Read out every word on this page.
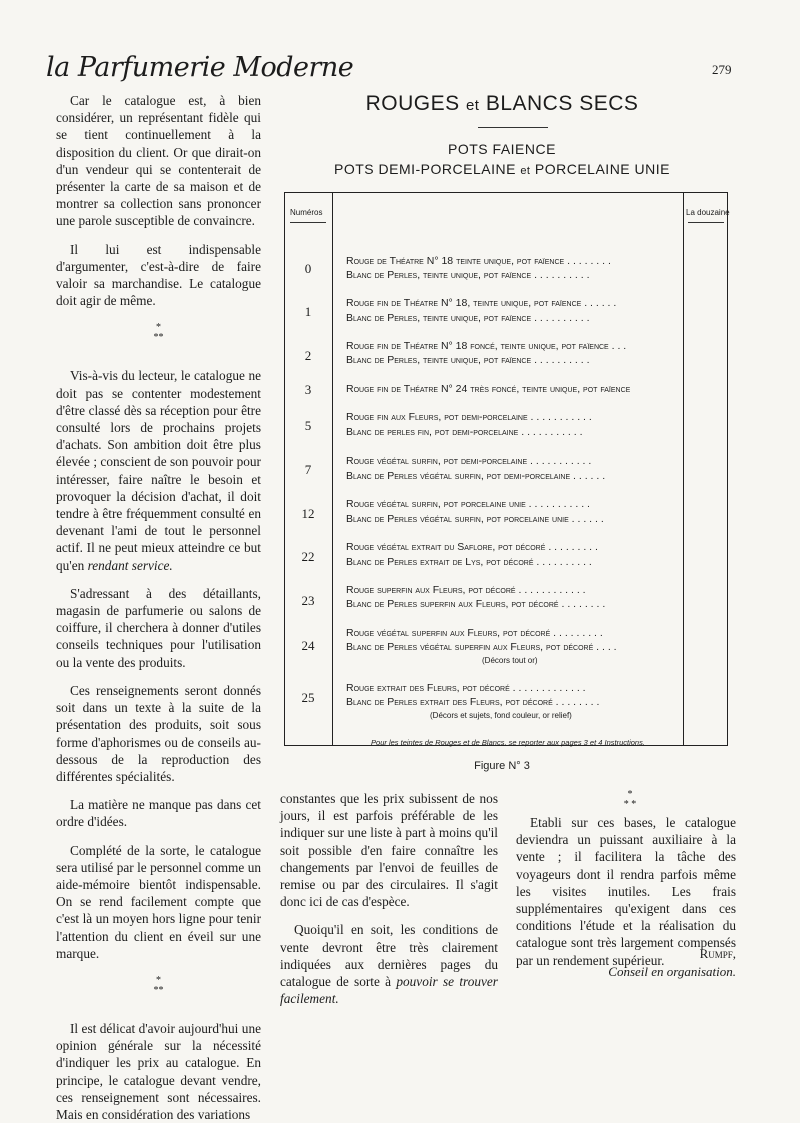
la Parfumerie Moderne	279

Car le catalogue est, à bien considérer, un représentant fidèle qui se tient continuellement à la disposition du client. Or que dirait-on d'un vendeur qui se contenterait de présenter la carte de sa maison et de montrer sa collection sans prononcer une parole susceptible de convaincre.

Il lui est indispensable d'argumenter, c'est-à-dire de faire valoir sa marchandise. Le catalogue doit agir de même.

*
**

Vis-à-vis du lecteur, le catalogue ne doit pas se contenter modestement d'être classé dès sa réception pour être consulté lors de prochains projets d'achats. Son ambition doit être plus élevée ; conscient de son pouvoir pour intéresser, faire naître le besoin et provoquer la décision d'achat, il doit tendre à être fréquemment consulté en devenant l'ami de tout le personnel actif. Il ne peut mieux atteindre ce but qu'en rendant service.

S'adressant à des détaillants, magasin de parfumerie ou salons de coiffure, il cherchera à donner d'utiles conseils techniques pour l'utilisation ou la vente des produits.

Ces renseignements seront donnés soit dans un texte à la suite de la présentation des produits, soit sous forme d'aphorismes ou de conseils au-dessous de la reproduction des différentes spécialités.

La matière ne manque pas dans cet ordre d'idées.

Complété de la sorte, le catalogue sera utilisé par le personnel comme un aide-mémoire bientôt indispensable. On se rend facilement compte que c'est là un moyen hors ligne pour tenir l'attention du client en éveil sur une marque.

*
**

Il est délicat d'avoir aujourd'hui une opinion générale sur la nécessité d'indiquer les prix au catalogue. En principe, le catalogue devant vendre, ces renseignement sont nécessaires. Mais en considération des variations

ROUGES et BLANCS SECS
POTS FAIENCE
POTS DEMI-PORCELAINE et PORCELAINE UNIE
Numéros	La douzaine
0	Rouge de Théatre N° 18 teinte unique, pot faïence . . . . . . . .
Blanc de Perles, teinte unique, pot faïence . . . . . . . . . .
1
Rouge fin de Théatre N° 18, teinte unique, pot faïence . . . . . .
Blanc de Perles, teinte unique, pot faïence . . . . . . . . . .
2
Rouge fin de Théatre N° 18 foncé, teinte unique, pot faïence . . .
Blanc de Perles, teinte unique, pot faïence . . . . . . . . . .
3	Rouge fin de Théatre N° 24 très foncé, teinte unique, pot faïence
5
Rouge fin aux Fleurs, pot demi-porcelaine . . . . . . . . . . .
Blanc de perles fin, pot demi-porcelaine . . . . . . . . . . .
7
Rouge végétal surfin, pot demi-porcelaine . . . . . . . . . . .
Blanc de Perles végétal surfin, pot demi-porcelaine . . . . . .
12
Rouge végétal surfin, pot porcelaine unie . . . . . . . . . . .
Blanc de Perles végétal surfin, pot porcelaine unie . . . . . .
22
Rouge végétal extrait du Saflore, pot décoré . . . . . . . . .
Blanc de Perles extrait de Lys, pot décoré . . . . . . . . . .
23
Rouge superfin aux Fleurs, pot décoré . . . . . . . . . . . .
Blanc de Perles superfin aux Fleurs, pot décoré . . . . . . . .
24
Rouge végétal superfin aux Fleurs, pot décoré . . . . . . . . .
Blanc de Perles végétal superfin aux Fleurs, pot décoré . . . .
(Décors tout or)
25
Rouge extrait des Fleurs, pot décoré . . . . . . . . . . . . .
Blanc de Perles extrait des Fleurs, pot décoré . . . . . . . .
(Décors et sujets, fond couleur, or relief)
Pour les teintes de Rouges et de Blancs, se reporter aux pages 3 et 4 Instructions.
Figure N° 3

constantes que les prix subissent de nos jours, il est parfois préférable de les indiquer sur une liste à part à moins qu'il soit possible d'en faire connaître les changements par l'envoi de feuilles de remise ou par des circulaires. Il s'agit donc ici de cas d'espèce.

Quoiqu'il en soit, les conditions de vente devront être très clairement indiquées aux dernières pages du catalogue de sorte à pouvoir se trouver facilement.

*
* *

Etabli sur ces bases, le catalogue deviendra un puissant auxiliaire à la vente ; il facilitera la tâche des voyageurs dont il rendra parfois même les visites inutiles. Les frais supplémentaires qu'exigent dans ces conditions l'étude et la réalisation du catalogue sont très largement compensés par un rendement supérieur.	Rumpf,
Conseil en organisation.
